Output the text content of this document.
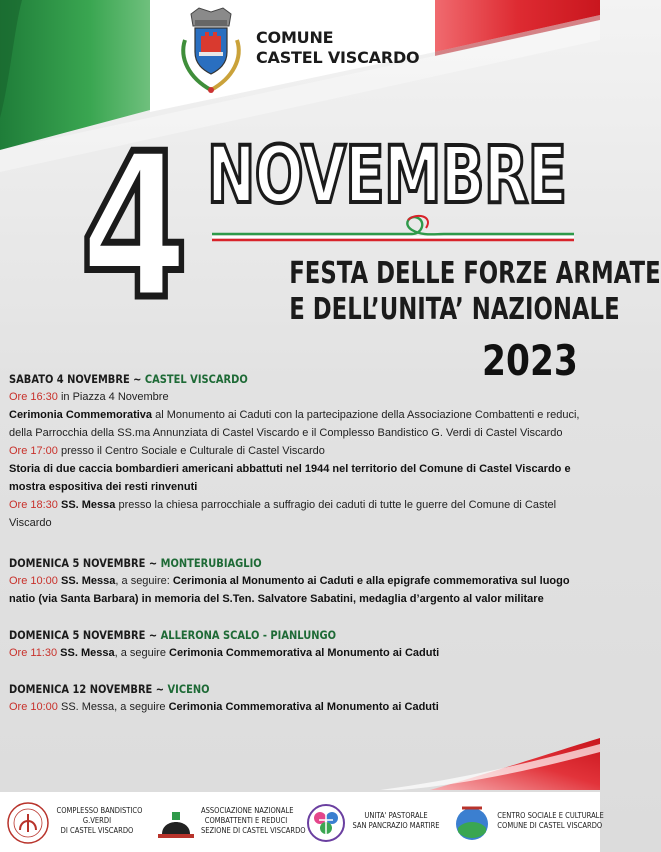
COMUNE
CASTEL VISCARDO
4 NOVEMBRE
FESTA DELLE FORZE ARMATE
E DELL’UNITA’ NAZIONALE
2023
SABATO 4 NOVEMBRE ~ CASTEL VISCARDO

Ore 16:30 in Piazza 4 Novembre

Cerimonia Commemorativa al Monumento ai Caduti con la partecipazione della Associazione Combattenti e reduci, della Parrocchia della SS.ma Annunziata di Castel Viscardo e il Complesso Bandistico G. Verdi di Castel Viscardo

Ore 17:00 presso il Centro Sociale e Culturale di Castel Viscardo

Storia di due caccia bombardieri americani abbattuti nel 1944 nel territorio del Comune di Castel Viscardo e mostra espositiva dei resti rinvenuti

Ore 18:30 SS. Messa presso la chiesa parrocchiale a suffragio dei caduti di tutte le guerre del Comune di Castel Viscardo

DOMENICA 5 NOVEMBRE ~ MONTERUBIAGLIO

Ore 10:00 SS. Messa, a seguire: Cerimonia al Monumento ai Caduti e alla epigrafe commemorativa sul luogo natio (via Santa Barbara) in memoria del S.Ten. Salvatore Sabatini, medaglia d’argento al valor militare

DOMENICA 5 NOVEMBRE ~ ALLERONA SCALO - PIANLUNGO

Ore 11:30 SS. Messa, a seguire Cerimonia Commemorativa al Monumento ai Caduti

DOMENICA 12 NOVEMBRE ~ VICENO

Ore 10:00 SS. Messa, a seguire Cerimonia Commemorativa al Monumento ai Caduti

COMPLESSO BANDISTICO
G.VERDI
DI CASTEL VISCARDO
ASSOCIAZIONE NAZIONALE
COMBATTENTI E REDUCI
SEZIONE DI CASTEL VISCARDO
UNITA' PASTORALE
SAN PANCRAZIO MARTIRE
CENTRO SOCIALE E CULTURALE
COMUNE DI CASTEL VISCARDO
